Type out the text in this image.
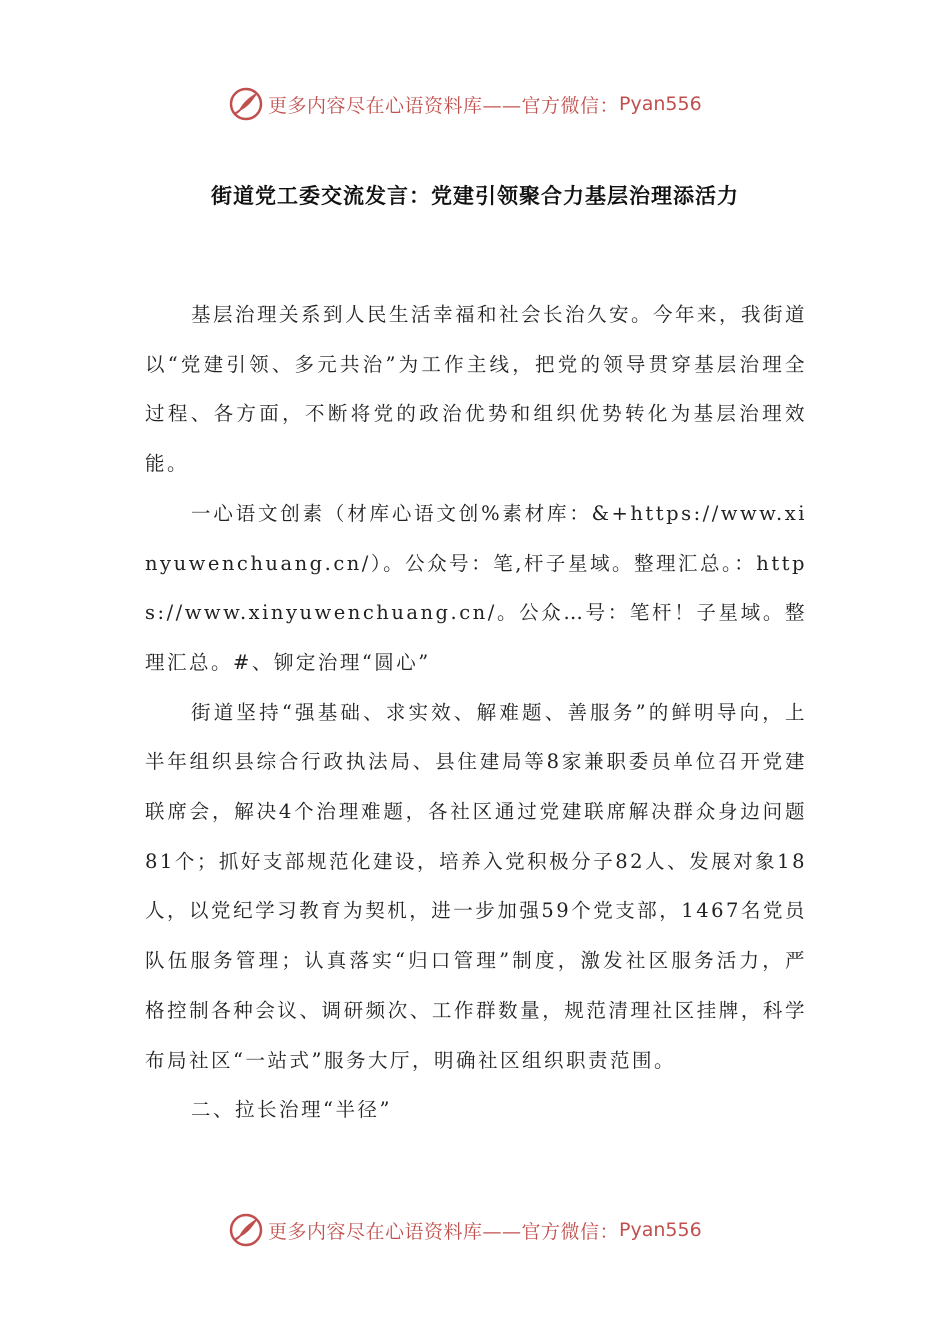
更多内容尽在心语资料库——官方微信： Pyan556
街道党工委交流发言：党建引领聚合力基层治理添活力

基层治理关系到人民生活幸福和社会长治久安。今年来，我街道以“党建引领、多元共治”为工作主线，把党的领导贯穿基层治理全过程、各方面，不断将党的政治优势和组织优势转化为基层治理效能。

一心语文创素（材库心语文创%素材库：&+https://www.xinyuwenchuang.cn/）。公众号：笔,杆子星域。整理汇总。：https://www.xinyuwenchuang.cn/。公众…号：笔杆！子星域。整理汇总。#、铆定治理“圆心”

街道坚持“强基础、求实效、解难题、善服务”的鲜明导向，上半年组织县综合行政执法局、县住建局等8家兼职委员单位召开党建联席会，解决4个治理难题，各社区通过党建联席解决群众身边问题81个；抓好支部规范化建设，培养入党积极分子82人、发展对象18人，以党纪学习教育为契机，进一步加强59个党支部，1467名党员队伍服务管理；认真落实“归口管理”制度，激发社区服务活力，严格控制各种会议、调研频次、工作群数量，规范清理社区挂牌，科学布局社区“一站式”服务大厅，明确社区组织职责范围。

二、拉长治理“半径”

更多内容尽在心语资料库——官方微信： Pyan556
